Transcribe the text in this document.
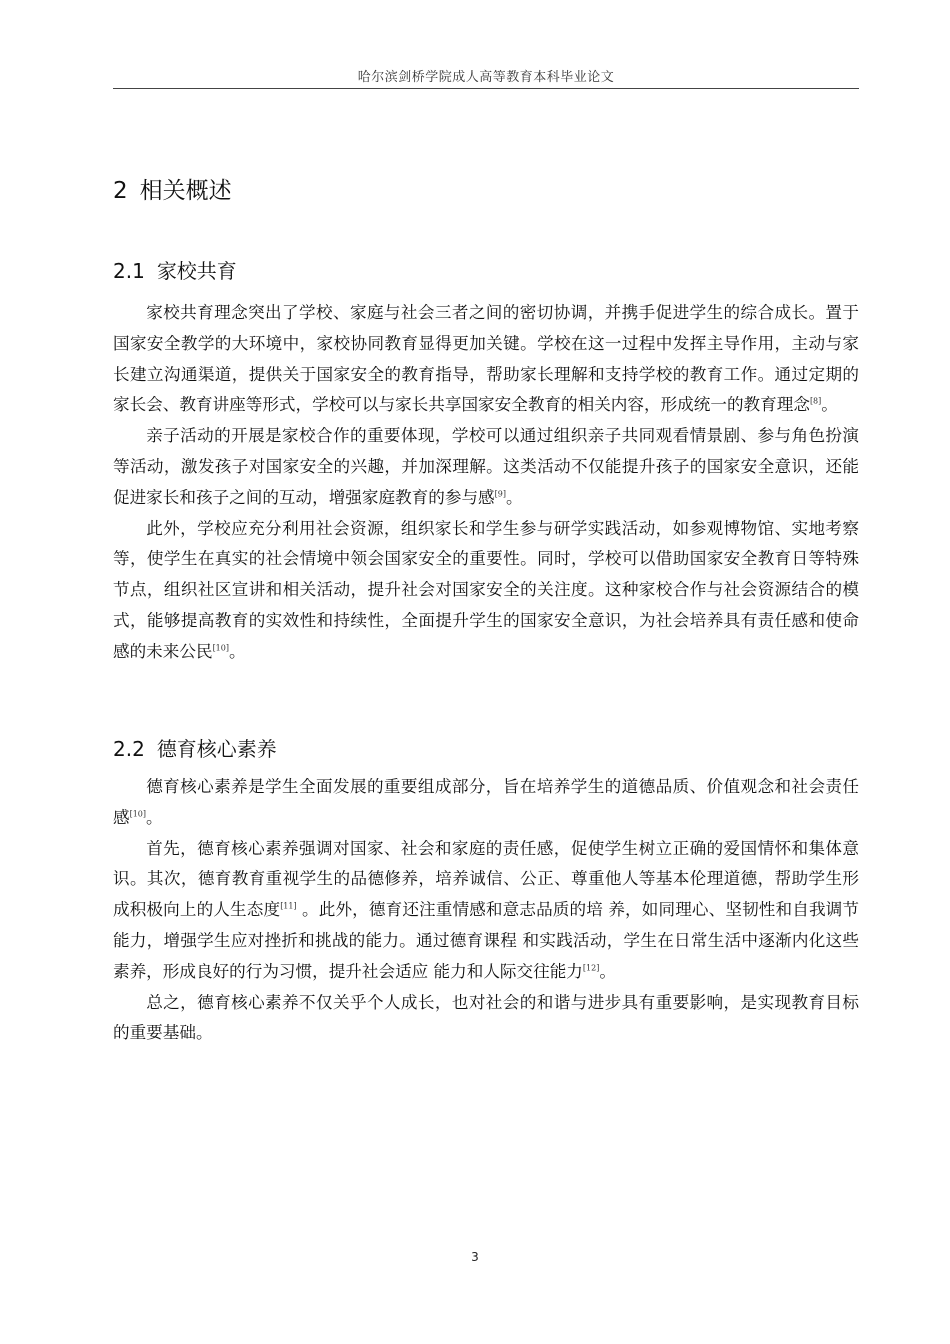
哈尔滨剑桥学院成人高等教育本科毕业论文
2 相关概述
2.1 家校共育

家校共育理念突出了学校、家庭与社会三者之间的密切协调，并携手促进学生的综合成长。置于国家安全教学的大环境中，家校协同教育显得更加关键。学校在这一过程中发挥主导作用，主动与家长建立沟通渠道，提供关于国家安全的教育指导，帮助家长理解和支持学校的教育工作。通过定期的家长会、教育讲座等形式，学校可以与家长共享国家安全教育的相关内容，形成统一的教育理念[8]。

亲子活动的开展是家校合作的重要体现，学校可以通过组织亲子共同观看情景剧、参与角色扮演等活动，激发孩子对国家安全的兴趣，并加深理解。这类活动不仅能提升孩子的国家安全意识，还能促进家长和孩子之间的互动，增强家庭教育的参与感[9]。

此外，学校应充分利用社会资源，组织家长和学生参与研学实践活动，如参观博物馆、实地考察等，使学生在真实的社会情境中领会国家安全的重要性。同时，学校可以借助国家安全教育日等特殊节点，组织社区宣讲和相关活动，提升社会对国家安全的关注度。这种家校合作与社会资源结合的模式，能够提高教育的实效性和持续性，全面提升学生的国家安全意识，为社会培养具有责任感和使命感的未来公民[10]。

2.2 德育核心素养

德育核心素养是学生全面发展的重要组成部分，旨在培养学生的道德品质、价值观念和社会责任感[10]。

首先，德育核心素养强调对国家、社会和家庭的责任感，促使学生树立正确的爱国情怀和集体意识。其次，德育教育重视学生的品德修养，培养诚信、公正、尊重他人等基本伦理道德，帮助学生形成积极向上的人生态度[11] 。此外，德育还注重情感和意志品质的培 养，如同理心、坚韧性和自我调节能力，增强学生应对挫折和挑战的能力。通过德育课程 和实践活动，学生在日常生活中逐渐内化这些素养，形成良好的行为习惯，提升社会适应 能力和人际交往能力[12]。

总之，德育核心素养不仅关乎个人成长，也对社会的和谐与进步具有重要影响，是实现教育目标的重要基础。

3
